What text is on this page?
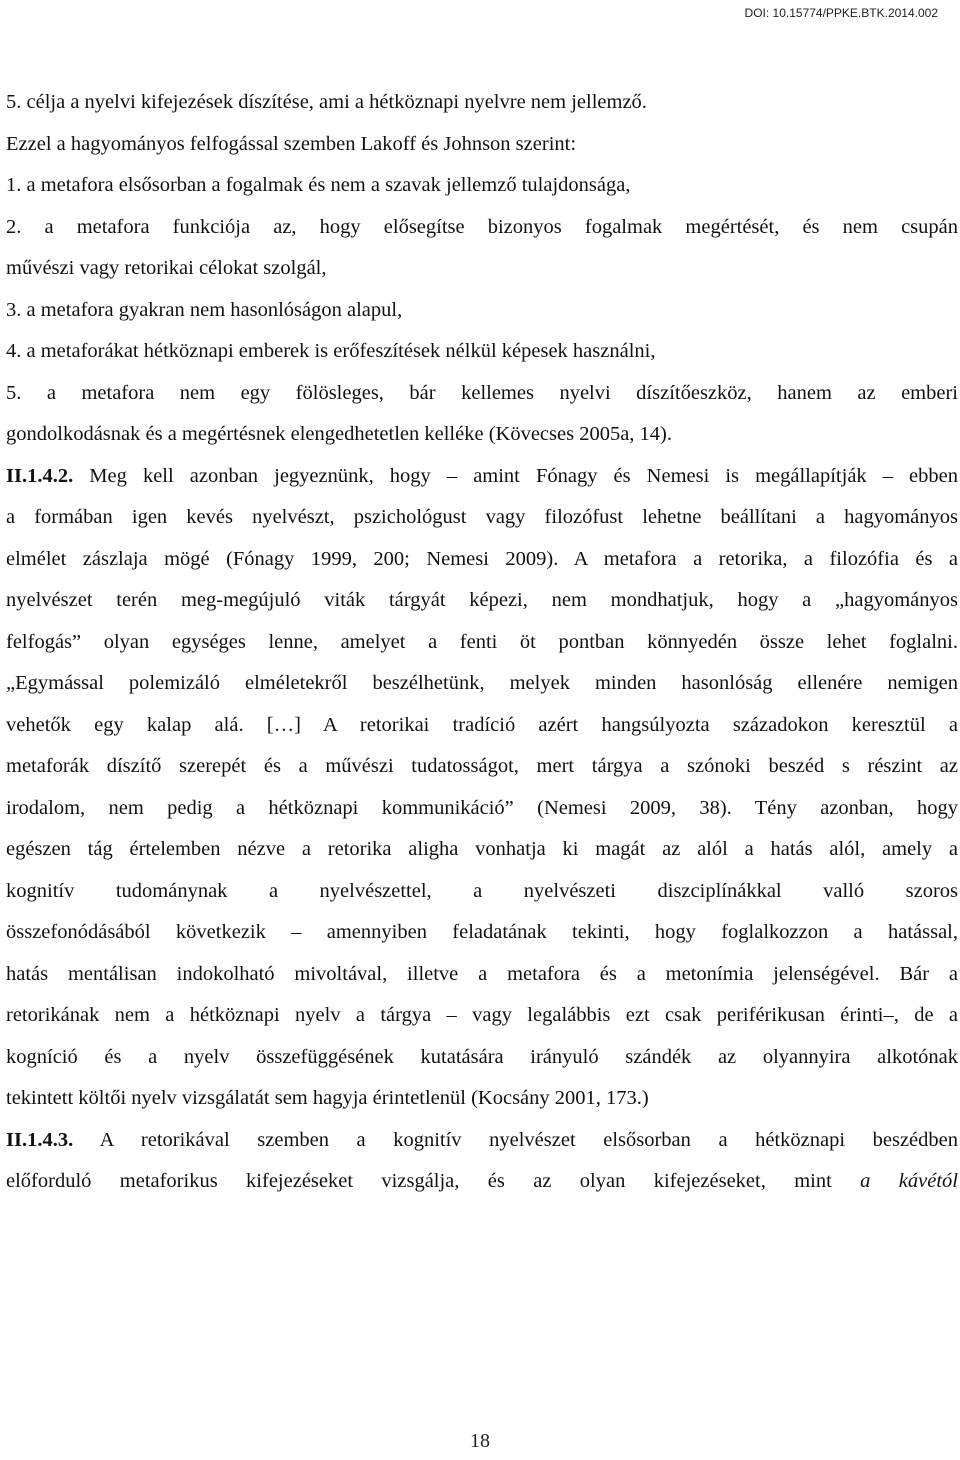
DOI: 10.15774/PPKE.BTK.2014.002

5. célja a nyelvi kifejezések díszítése, ami a hétköznapi nyelvre nem jellemző.

Ezzel a hagyományos felfogással szemben Lakoff és Johnson szerint:

1. a metafora elsősorban a fogalmak és nem a szavak jellemző tulajdonsága,

2. a metafora funkciója az, hogy elősegítse bizonyos fogalmak megértését, és nem csupán

művészi vagy retorikai célokat szolgál,

3. a metafora gyakran nem hasonlóságon alapul,

4. a metaforákat hétköznapi emberek is erőfeszítések nélkül képesek használni,

5. a metafora nem egy fölösleges, bár kellemes nyelvi díszítőeszköz, hanem az emberi

gondolkodásnak és a megértésnek elengedhetetlen kelléke (Kövecses 2005a, 14).

II.1.4.2. Meg kell azonban jegyeznünk, hogy – amint Fónagy és Nemesi is megállapítják – ebben

a formában igen kevés nyelvészt, pszichológust vagy filozófust lehetne beállítani a hagyományos

elmélet zászlaja mögé (Fónagy 1999, 200; Nemesi 2009). A metafora a retorika, a filozófia és a

nyelvészet terén meg-megújuló viták tárgyát képezi, nem mondhatjuk, hogy a „hagyományos

felfogás” olyan egységes lenne, amelyet a fenti öt pontban könnyedén össze lehet foglalni.

„Egymással polemizáló elméletekről beszélhetünk, melyek minden hasonlóság ellenére nemigen

vehetők egy kalap alá. […] A retorikai tradíció azért hangsúlyozta századokon keresztül a

metaforák díszítő szerepét és a művészi tudatosságot, mert tárgya a szónoki beszéd s részint az

irodalom, nem pedig a hétköznapi kommunikáció” (Nemesi 2009, 38). Tény azonban, hogy

egészen tág értelemben nézve a retorika aligha vonhatja ki magát az alól a hatás alól, amely a

kognitív tudománynak a nyelvészettel, a nyelvészeti diszciplínákkal valló szoros

összefonódásából következik – amennyiben feladatának tekinti, hogy foglalkozzon a hatással,

hatás mentálisan indokolható mivoltával, illetve a metafora és a metonímia jelenségével. Bár a

retorikának nem a hétköznapi nyelv a tárgya – vagy legalábbis ezt csak periférikusan érinti–, de a

kogníció és a nyelv összefüggésének kutatására irányuló szándék az olyannyira alkotónak

tekintett költői nyelv vizsgálatát sem hagyja érintetlenül (Kocsány 2001, 173.)

II.1.4.3. A retorikával szemben a kognitív nyelvészet elsősorban a hétköznapi beszédben

előforduló metaforikus kifejezéseket vizsgálja, és az olyan kifejezéseket, mint a kávétól

18
